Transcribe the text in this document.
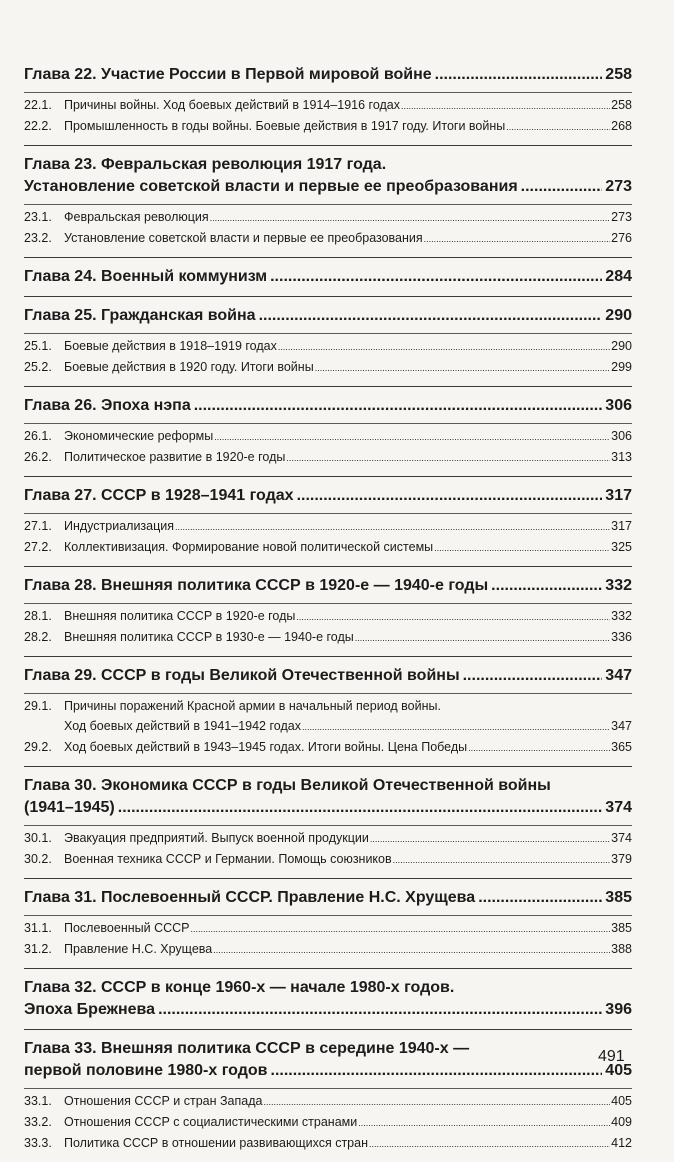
Глава 22. Участие России в Первой мировой войне .....	258
22.1. Причины войны. Ход боевых действий в 1914–1916 годах .....	258
22.2. Промышленность в годы войны. Боевые действия в 1917 году. Итоги войны .....	268
Глава 23. Февральская революция 1917 года.
Установление советской власти и первые ее преобразования .....	273
23.1. Февральская революция .....	273
23.2. Установление советской власти и первые ее преобразования .....	276
Глава 24. Военный коммунизм .....	284
Глава 25. Гражданская война .....	290
25.1. Боевые действия в 1918–1919 годах .....	290
25.2. Боевые действия в 1920 году. Итоги войны .....	299
Глава 26. Эпоха нэпа .....	306
26.1. Экономические реформы .....	306
26.2. Политическое развитие в 1920-е годы .....	313
Глава 27. СССР в 1928–1941 годах .....	317
27.1. Индустриализация .....	317
27.2. Коллективизация. Формирование новой политической системы .....	325
Глава 28. Внешняя политика СССР в 1920-е — 1940-е годы .....	332
28.1. Внешняя политика СССР в 1920-е годы .....	332
28.2. Внешняя политика СССР в 1930-е — 1940-е годы .....	336
Глава 29. СССР в годы Великой Отечественной войны .....	347
29.1. Причины поражений Красной армии в начальный период войны.
Ход боевых действий в 1941–1942 годах .....	347
29.2. Ход боевых действий в 1943–1945 годах. Итоги войны. Цена Победы .....	365
Глава 30. Экономика СССР в годы Великой Отечественной войны
(1941–1945) .....	374
30.1. Эвакуация предприятий. Выпуск военной продукции .....	374
30.2. Военная техника СССР и Германии. Помощь союзников .....	379
Глава 31. Послевоенный СССР. Правление Н.С. Хрущева .....	385
31.1. Послевоенный СССР .....	385
31.2. Правление Н.С. Хрущева .....	388
Глава 32. СССР в конце 1960-х — начале 1980-х годов.
Эпоха Брежнева .....	396
Глава 33. Внешняя политика СССР в середине 1940-х —
первой половине 1980-х годов .....	405
33.1. Отношения СССР и стран Запада .....	405
33.2. Отношения СССР с социалистическими странами .....	409
33.3. Политика СССР в отношении развивающихся стран .....	412
491
